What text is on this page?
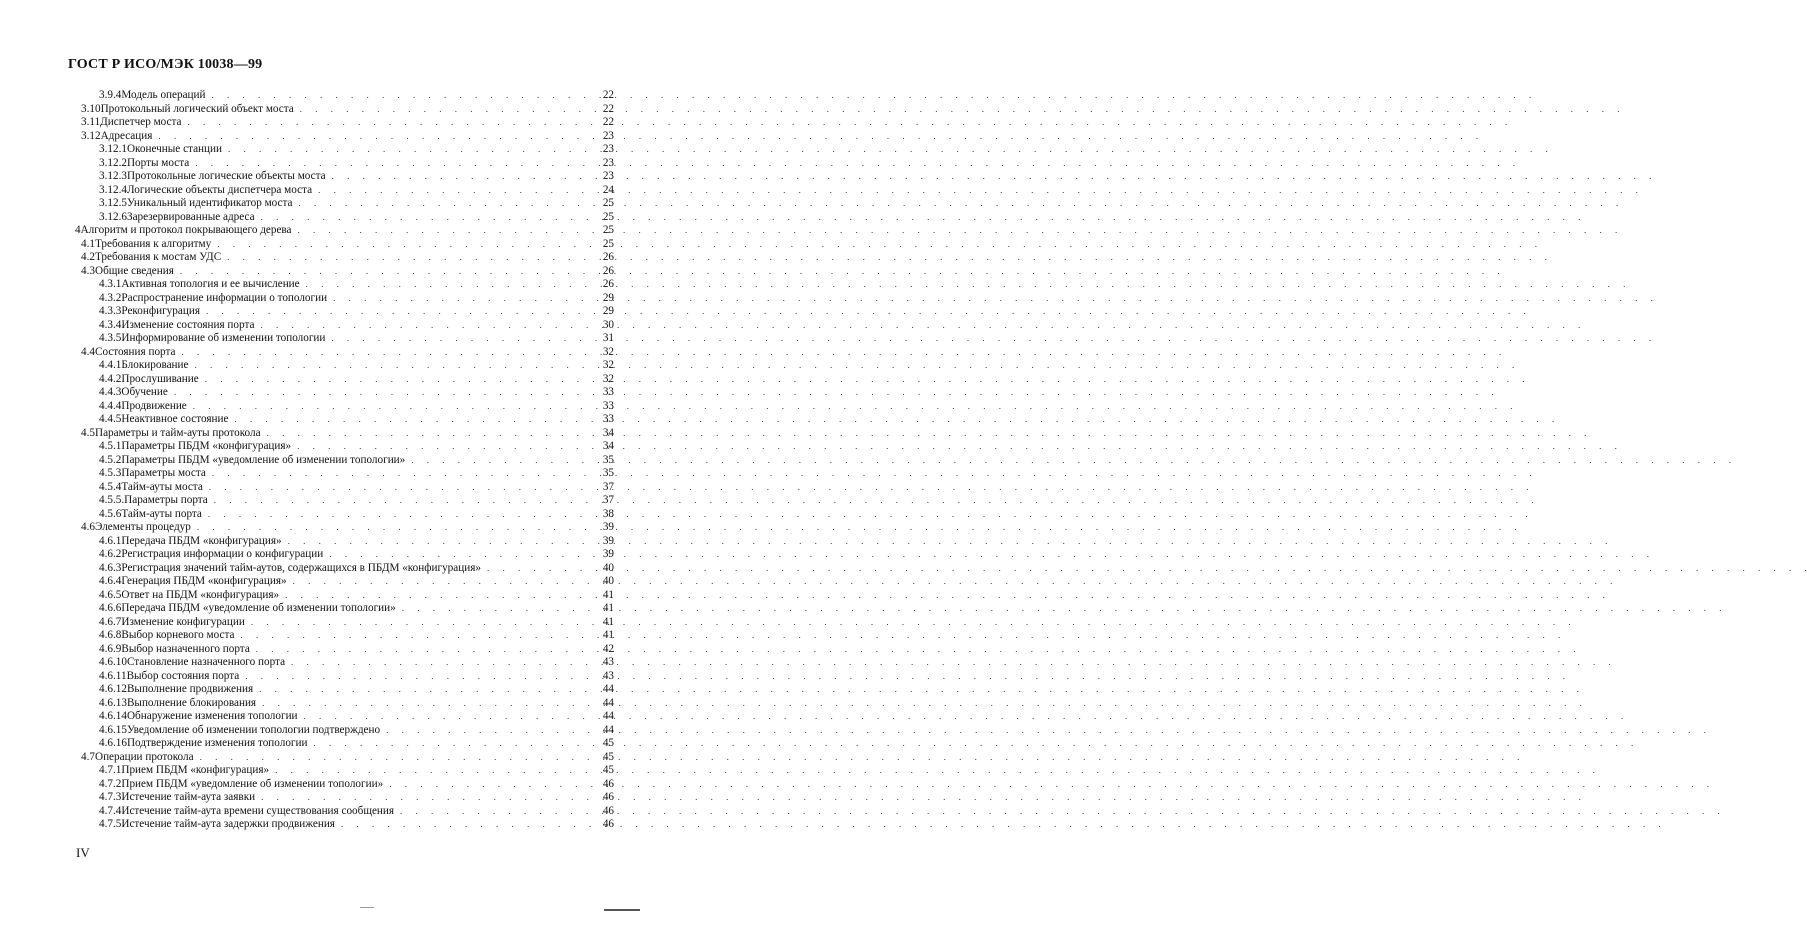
ГОСТ Р ИСО/МЭК 10038—99
3.9.4 Модель операций . . .	22
3.10 Протокольный логический объект моста . . .	22
3.11 Диспетчер моста . . .	22
3.12 Адресация . . .	23
3.12.1 Оконечные станции . . .	23
3.12.2 Порты моста . . .	23
3.12.3 Протокольные логические объекты моста . . .	23
3.12.4 Логические объекты диспетчера моста . . .	24
3.12.5 Уникальный идентификатор моста . . .	25
3.12.6 Зарезервированные адреса . . .	25
4 Алгоритм и протокол покрывающего дерева . . .	25
4.1 Требования к алгоритму . . .	25
4.2 Требования к мостам УДС . . .	26
4.3 Общие сведения . . .	26
4.3.1 Активная топология и ее вычисление . . .	26
4.3.2 Распространение информации о топологии . . .	29
4.3.3 Реконфигурация . . .	29
4.3.4 Изменение состояния порта . . .	30
4.3.5 Информирование об изменении топологии . . .	31
4.4 Состояния порта . . .	32
4.4.1 Блокирование . . .	32
4.4.2 Прослушивание . . .	32
4.4.3 Обучение . . .	33
4.4.4 Продвижение . . .	33
4.4.5 Неактивное состояние . . .	33
4.5 Параметры и тайм-ауты протокола . . .	34
4.5.1 Параметры ПБДМ «конфигурация» . . .	34
4.5.2 Параметры ПБДМ «уведомление об изменении топологии» . . .	35
4.5.3 Параметры моста . . .	35
4.5.4 Тайм-ауты моста . . .	37
4.5.5. Параметры порта . . .	37
4.5.6 Тайм-ауты порта . . .	38
4.6 Элементы процедур . . .	39
4.6.1 Передача ПБДМ «конфигурация» . . .	39
4.6.2 Регистрация информации о конфигурации . . .	39
4.6.3 Регистрация значений тайм-аутов, содержащихся в ПБДМ «конфигурация» . . .	40
4.6.4 Генерация ПБДМ «конфигурация» . . .	40
4.6.5 Ответ на ПБДМ «конфигурация» . . .	41
4.6.6 Передача ПБДМ «уведомление об изменении топологии» . . .	41
4.6.7 Изменение конфигурации . . .	41
4.6.8 Выбор корневого моста . . .	41
4.6.9 Выбор назначенного порта . . .	42
4.6.10 Становление назначенного порта . . .	43
4.6.11 Выбор состояния порта . . .	43
4.6.12 Выполнение продвижения . . .	44
4.6.13 Выполнение блокирования . . .	44
4.6.14 Обнаружение изменения топологии . . .	44
4.6.15 Уведомление об изменении топологии подтверждено . . .	44
4.6.16 Подтверждение изменения топологии . . .	45
4.7 Операции протокола . . .	45
4.7.1 Прием ПБДМ «конфигурация» . . .	45
4.7.2 Прием ПБДМ «уведомление об изменении топологии» . . .	46
4.7.3 Истечение тайм-аута заявки . . .	46
4.7.4 Истечение тайм-аута времени существования сообщения . . .	46
4.7.5 Истечение тайм-аута задержки продвижения . . .	46
IV
